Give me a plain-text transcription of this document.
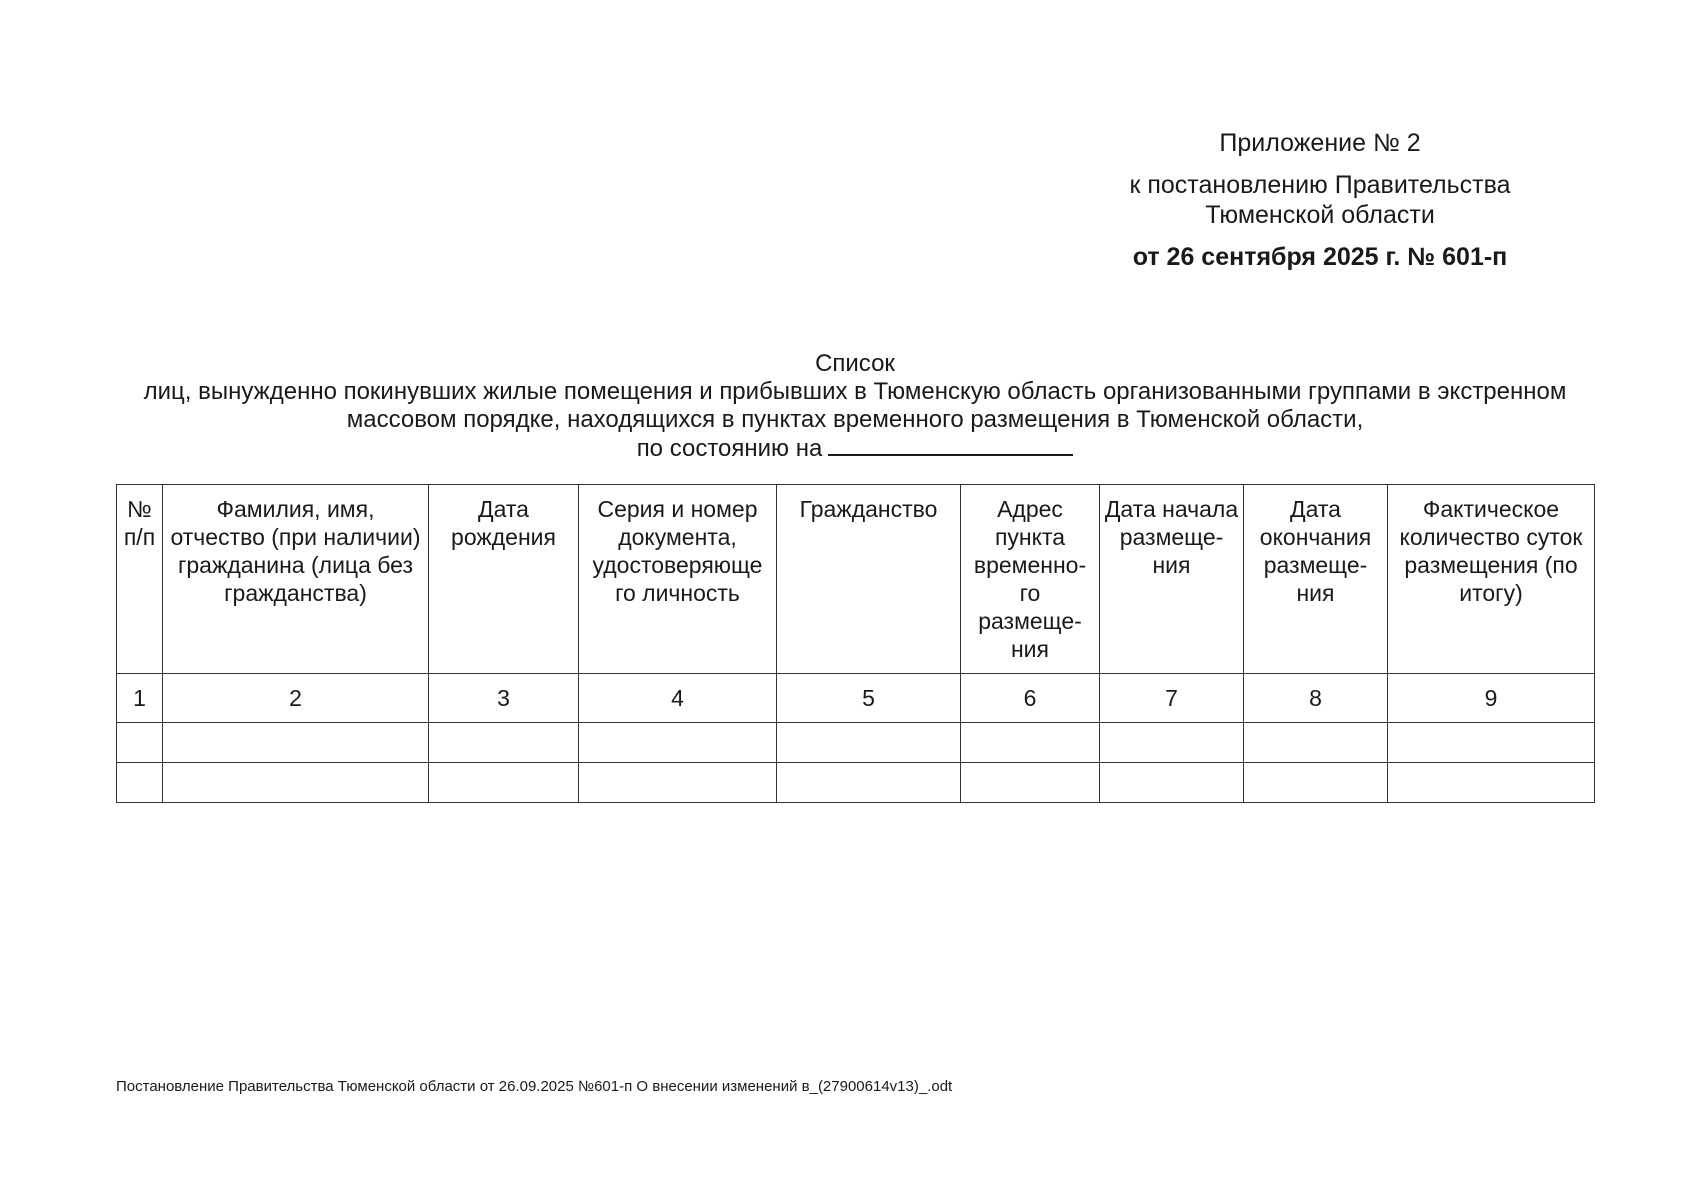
Приложение № 2
к постановлению Правительства
Тюменской области
от 26 сентября 2025 г. № 601-п
Список
лиц, вынужденно покинувших жилые помещения и прибывших в Тюменскую область организованными группами в экстренном
массовом порядке, находящихся в пунктах временного размещения в Тюменской области,
по состоянию на
№ п/п	Фамилия, имя, отчество (при наличии) гражданина (лица без гражданства)	Дата рождения	Серия и номер документа, удостоверяюще го личность	Гражданство	Адрес пункта временно- го размеще- ния	Дата начала размеще- ния	Дата окончания размеще- ния	Фактическое количество суток размещения (по итогу)
1	2	3	4	5	6	7	8	9

Постановление Правительства Тюменской области от 26.09.2025 №601-п О внесении изменений в_(27900614v13)_.odt
